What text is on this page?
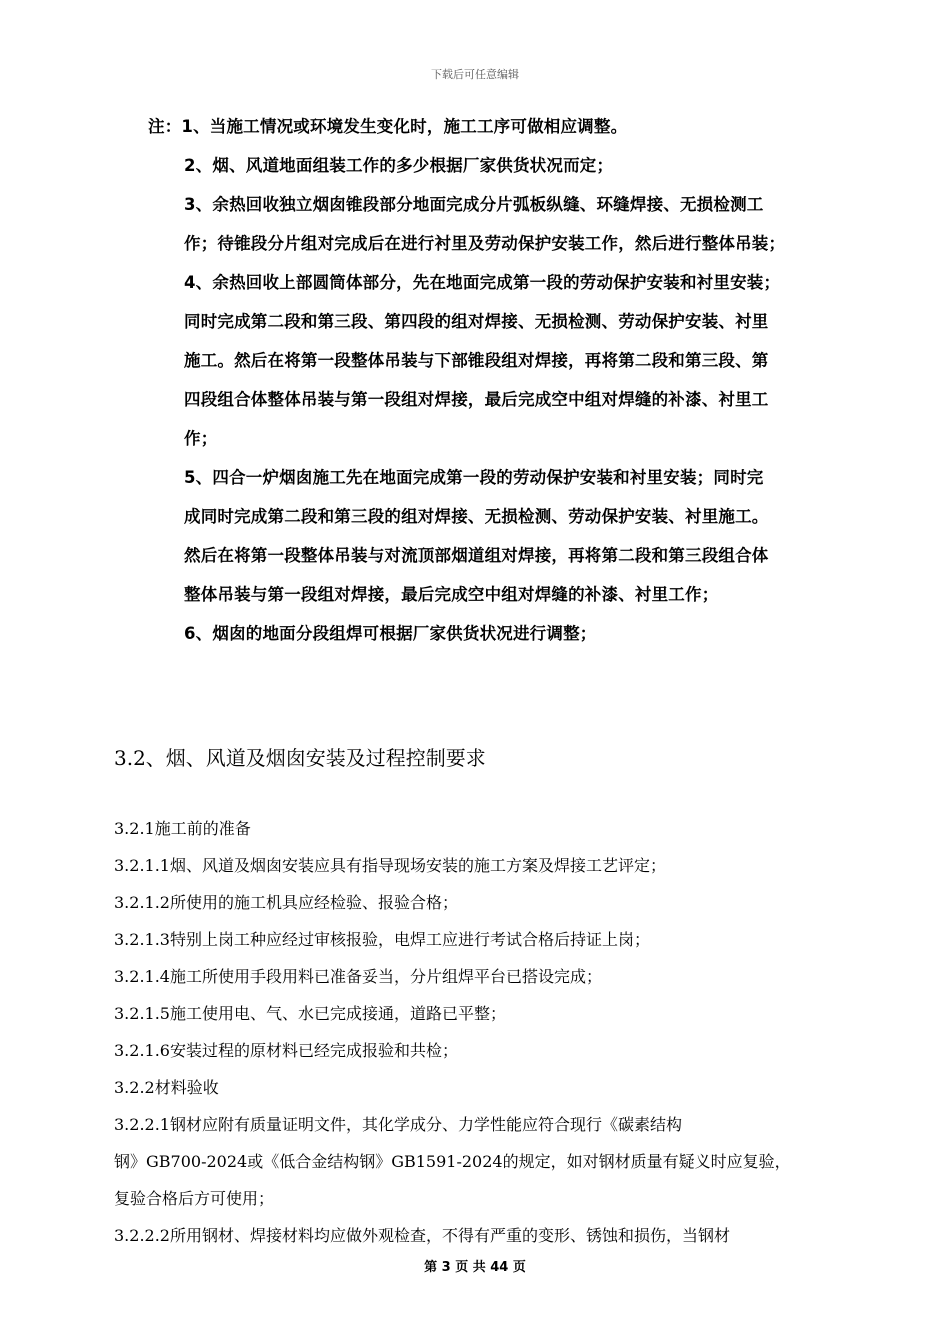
下载后可任意编辑
注：1、当施工情况或环境发生变化时，施工工序可做相应调整。
2、烟、风道地面组装工作的多少根据厂家供货状况而定；
3、余热回收独立烟囱锥段部分地面完成分片弧板纵缝、环缝焊接、无损检测工
作；待锥段分片组对完成后在进行衬里及劳动保护安装工作，然后进行整体吊装；
4、余热回收上部圆筒体部分，先在地面完成第一段的劳动保护安装和衬里安装；
同时完成第二段和第三段、第四段的组对焊接、无损检测、劳动保护安装、衬里
施工。然后在将第一段整体吊装与下部锥段组对焊接，再将第二段和第三段、第
四段组合体整体吊装与第一段组对焊接，最后完成空中组对焊缝的补漆、衬里工
作；
5、四合一炉烟囱施工先在地面完成第一段的劳动保护安装和衬里安装；同时完
成同时完成第二段和第三段的组对焊接、无损检测、劳动保护安装、衬里施工。
然后在将第一段整体吊装与对流顶部烟道组对焊接，再将第二段和第三段组合体
整体吊装与第一段组对焊接，最后完成空中组对焊缝的补漆、衬里工作；
6、烟囱的地面分段组焊可根据厂家供货状况进行调整；
3.2、烟、风道及烟囱安装及过程控制要求
3.2.1施工前的准备
3.2.1.1烟、风道及烟囱安装应具有指导现场安装的施工方案及焊接工艺评定；
3.2.1.2所使用的施工机具应经检验、报验合格；
3.2.1.3特别上岗工种应经过审核报验，电焊工应进行考试合格后持证上岗；
3.2.1.4施工所使用手段用料已准备妥当，分片组焊平台已搭设完成；
3.2.1.5施工使用电、气、水已完成接通，道路已平整；
3.2.1.6安装过程的原材料已经完成报验和共检；
3.2.2材料验收
3.2.2.1钢材应附有质量证明文件，其化学成分、力学性能应符合现行《碳素结构
钢》GB700-2024或《低合金结构钢》GB1591-2024的规定，如对钢材质量有疑义时应复验，
复验合格后方可使用；
3.2.2.2所用钢材、焊接材料均应做外观检查，不得有严重的变形、锈蚀和损伤，当钢材
第 3 页 共 44 页
